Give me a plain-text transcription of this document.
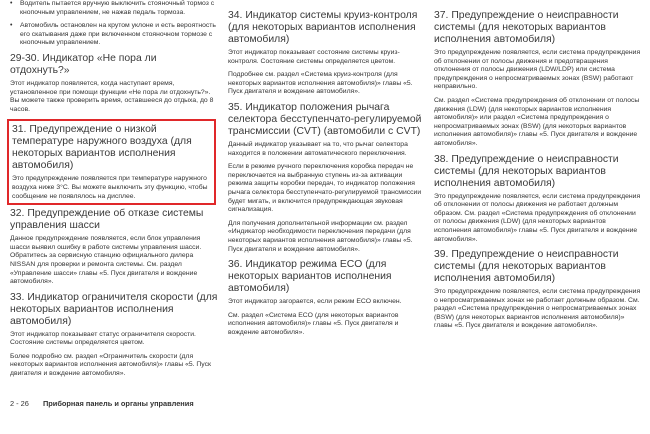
• Водитель пытается вручную выключить стояночный тормоз с кнопочным управлением, не нажав педаль тормоза.
• Автомобиль остановлен на крутом уклоне и есть вероятность его скатывания даже при включенном стояночном тормозе с кнопочным управлением.
29-30. Индикатор «Не пора ли отдохнуть?»
Этот индикатор появляется, когда наступает время, установленное при помощи функции «Не пора ли отдохнуть?». Вы можете также проверить время, оставшееся до отдыха, до 8 часов.
31. Предупреждение о низкой температуре наружного воздуха (для некоторых вариантов исполнения автомобиля)
Это предупреждение появляется при температуре наружного воздуха ниже 3°C. Вы можете выключить эту функцию, чтобы сообщение не появлялось на дисплее.
32. Предупреждение об отказе системы управления шасси
Данное предупреждение появляется, если блок управления шасси выявил ошибку в работе системы управления шасси. Обратитесь за сервисную станцию официального дилера NISSAN для проверки и ремонта системы. См. раздел «Управление шасси» главы «5. Пуск двигателя и вождение автомобиля».
33. Индикатор ограничителя скорости (для некоторых вариантов исполнения автомобиля)
Этот индикатор показывает статус ограничителя скорости. Состояние системы определяется цветом.
Более подробно см. раздел «Ограничитель скорости (для некоторых вариантов исполнения автомобиля)» главы «5. Пуск двигателя и вождение автомобиля».
34. Индикатор системы круиз-контроля (для некоторых вариантов исполнения автомобиля)
Этот индикатор показывает состояние системы круиз-контроля. Состояние системы определяется цветом.
Подробнее см. раздел «Система круиз-контроля (для некоторых вариантов исполнения автомобиля)» главы «5. Пуск двигателя и вождение автомобиля».
35. Индикатор положения рычага селектора бесступенчато-регулируемой трансмиссии (CVT) (автомобили с CVT)
Данный индикатор указывает на то, что рычаг селектора находится в положении автоматического переключения.
Если в режиме ручного переключения коробка передач не переключается на выбранную ступень из-за активации режима защиты коробки передач, то индикатор положения рычага селектора бесступенчато-регулируемой трансмиссии будет мигать, и включится предупреждающая звуковая сигнализация.
Для получения дополнительной информации см. раздел «Индикатор необходимости переключения передачи (для некоторых вариантов исполнения автомобиля)» главы «5. Пуск двигателя и вождение автомобиля».
36. Индикатор режима ECO (для некоторых вариантов исполнения автомобиля)
Этот индикатор загорается, если режим ECO включен.
См. раздел «Система ECO (для некоторых вариантов исполнения автомобиля)» главы «5. Пуск двигателя и вождение автомобиля».
37. Предупреждение о неисправности системы (для некоторых вариантов исполнения автомобиля)
Это предупреждение появляется, если система предупреждения об отклонении от полосы движения и предотвращения отклонения от полосы движения (LDW/LDP) или система предупреждения о непросматриваемых зонах (BSW) работают неправильно.
См. раздел «Система предупреждения об отклонении от полосы движения (LDW) (для некоторых вариантов исполнения автомобиля)» или раздел «Система предупреждения о непросматриваемых зонах (BSW) (для некоторых вариантов исполнения автомобиля)» главы «5. Пуск двигателя и вождение автомобиля».
38. Предупреждение о неисправности системы (для некоторых вариантов исполнения автомобиля)
Это предупреждение появляется, если система предупреждения об отклонении от полосы движения не работает должным образом. См. раздел «Система предупреждения об отклонении от полосы движения (LDW) (для некоторых вариантов исполнения автомобиля)» главы «5. Пуск двигателя и вождение автомобиля».
39. Предупреждение о неисправности системы (для некоторых вариантов исполнения автомобиля)
Это предупреждение появляется, если система предупреждения о непросматриваемых зонах не работает должным образом. См. раздел «Система предупреждения о непросматриваемых зонах (BSW) (для некоторых вариантов исполнения автомобиля)» главы «5. Пуск двигателя и вождение автомобиля».
2 - 26 Приборная панель и органы управления
